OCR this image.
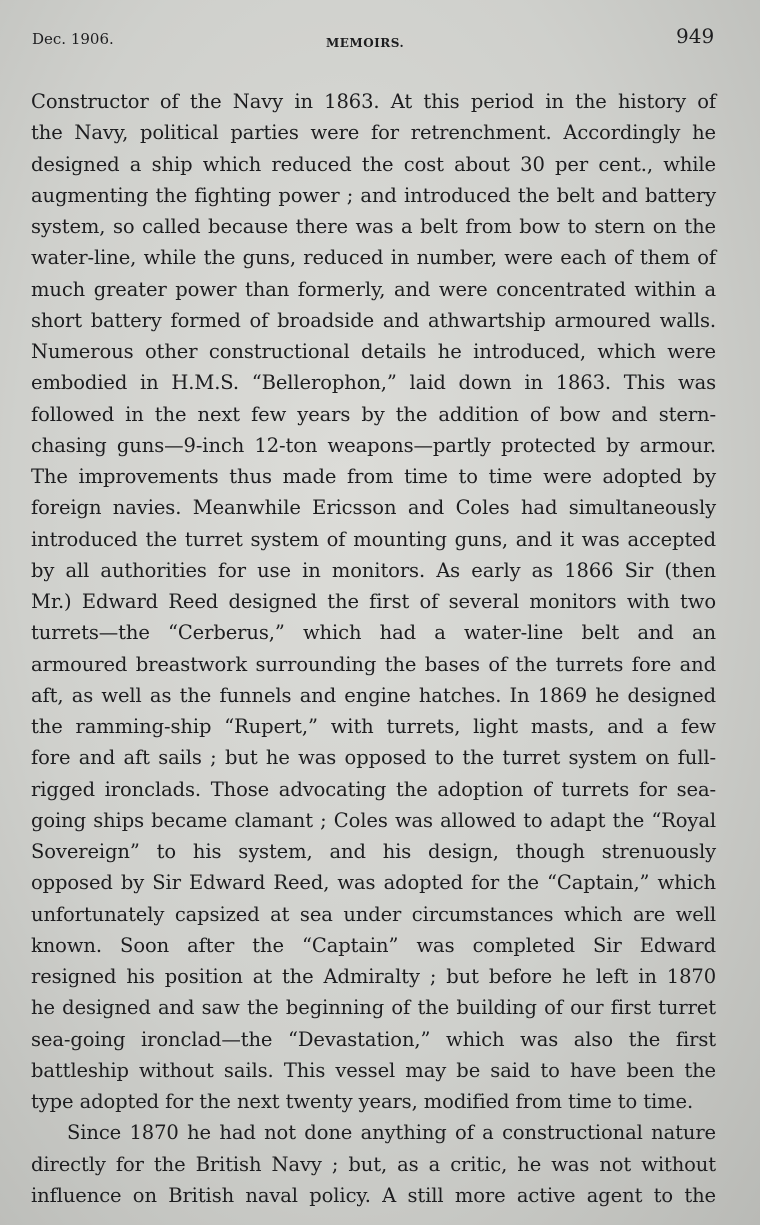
Dec. 1906.	MEMOIRS.	949
Constructor of the Navy in 1863. At this period in the history of
the Navy, political parties were for retrenchment. Accordingly he
designed a ship which reduced the cost about 30 per cent., while
augmenting the fighting power ; and introduced the belt and battery
system, so called because there was a belt from bow to stern on the
water-line, while the guns, reduced in number, were each of them of
much greater power than formerly, and were concentrated within a
short battery formed of broadside and athwartship armoured walls.
Numerous other constructional details he introduced, which were
embodied in H.M.S. “Bellerophon,” laid down in 1863. This was
followed in the next few years by the addition of bow and stern-
chasing guns—9-inch 12-ton weapons—partly protected by armour.
The improvements thus made from time to time were adopted by
foreign navies. Meanwhile Ericsson and Coles had simultaneously
introduced the turret system of mounting guns, and it was accepted
by all authorities for use in monitors. As early as 1866 Sir (then
Mr.) Edward Reed designed the first of several monitors with two
turrets—the “Cerberus,” which had a water-line belt and an
armoured breastwork surrounding the bases of the turrets fore and
aft, as well as the funnels and engine hatches. In 1869 he designed
the ramming-ship “Rupert,” with turrets, light masts, and a few
fore and aft sails ; but he was opposed to the turret system on full-
rigged ironclads. Those advocating the adoption of turrets for sea-
going ships became clamant ; Coles was allowed to adapt the “Royal
Sovereign” to his system, and his design, though strenuously
opposed by Sir Edward Reed, was adopted for the “Captain,” which
unfortunately capsized at sea under circumstances which are well
known. Soon after the “Captain” was completed Sir Edward
resigned his position at the Admiralty ; but before he left in 1870
he designed and saw the beginning of the building of our first turret
sea-going ironclad—the “Devastation,” which was also the first
battleship without sails. This vessel may be said to have been the
type adopted for the next twenty years, modified from time to time.
Since 1870 he had not done anything of a constructional nature
directly for the British Navy ; but, as a critic, he was not without
influence on British naval policy. A still more active agent to the
